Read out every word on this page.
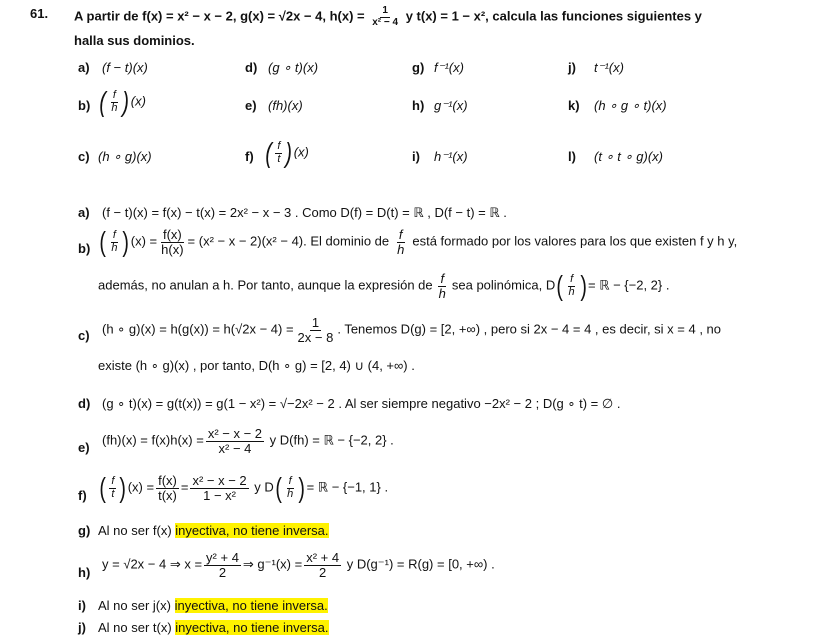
61. A partir de f(x) = x² − x − 2, g(x) = √2x − 4, $h(x) = \frac{1}{\text{x² − 4}}$ y t(x) = 1 − x², calcula las funciones siguientes y
halla sus dominios.
a) (f − t)(x)	d) (g ∘ t)(x)	g) f⁻¹(x)	j) t⁻¹(x)
b) ( $\frac{f}{h}$ ) (x)	e) (fh)(x)	h) g⁻¹(x)	k) (h ∘ g ∘ t)(x)
c) (h ∘ g)(x)	f) ( $\frac{f}{t}$ ) (x)	i) h⁻¹(x)	l) (t ∘ t ∘ g)(x)
a) (f − t)(x) = f(x) − t(x) = 2x² − x − 3 . Como D(f) = D(t) = ℝ , D(f − t) = ℝ .
b) ( $\frac{f}{h}$ ) $(x) = \frac{f(x)}{h(x)} = (x^2 - x - 2)(x^2 - 4)$. El dominio de $\frac{f}{h}$ está formado por los valores para los que existen f y h y,
además, no anulan a h. Por tanto, aunque la expresión de $\frac{f}{h}$ sea polinómica, D ( $\frac{f}{h}$ ) = ℝ − {−2, 2} .
c) (h ∘ $g)(x) = h(g(x)) = h(√2x - 4) = \frac{1}{2x - 8}$ . Tenemos D(g) = [2, +∞) , pero si 2x − 4 = 4 , es decir, si x = 4 , no
existe (h ∘ g)(x) , por tanto, D(h ∘ g) = [2, 4) ∪ (4, +∞) .
d) (g ∘ t)(x) = g(t(x)) = g(1 − x²) = √−2x² − 2 . Al ser siempre negativo −2x² − 2 ; D(g ∘ t) = ∅ .
e) $(fh)(x) = f(x)h(x) = \frac{\text{x² − x − 2}}{\text{x² − 4}}$ y D(fh) = ℝ − {−2, 2} .
f) ( $\frac{f}{t}$ ) $(x) = \frac{f(x)}{t(x)} = \frac{\text{x² − x − 2}}{\text{1 − x²}}$ y D ( $\frac{f}{h}$ ) = ℝ − {−1, 1} .
g) Al no ser f(x) inyectiva, no tiene inversa.
h)
y = √2x − 4 ⇒ $x = \frac{\text{y² + 4}}{2}$ ⇒ $g^{-1}(x) = \frac{\text{x² + 4}}{2}$ y D(g⁻¹) = R(g) = [0, +∞) .
i) Al no ser j(x) inyectiva, no tiene inversa.
j) Al no ser t(x) inyectiva, no tiene inversa.
